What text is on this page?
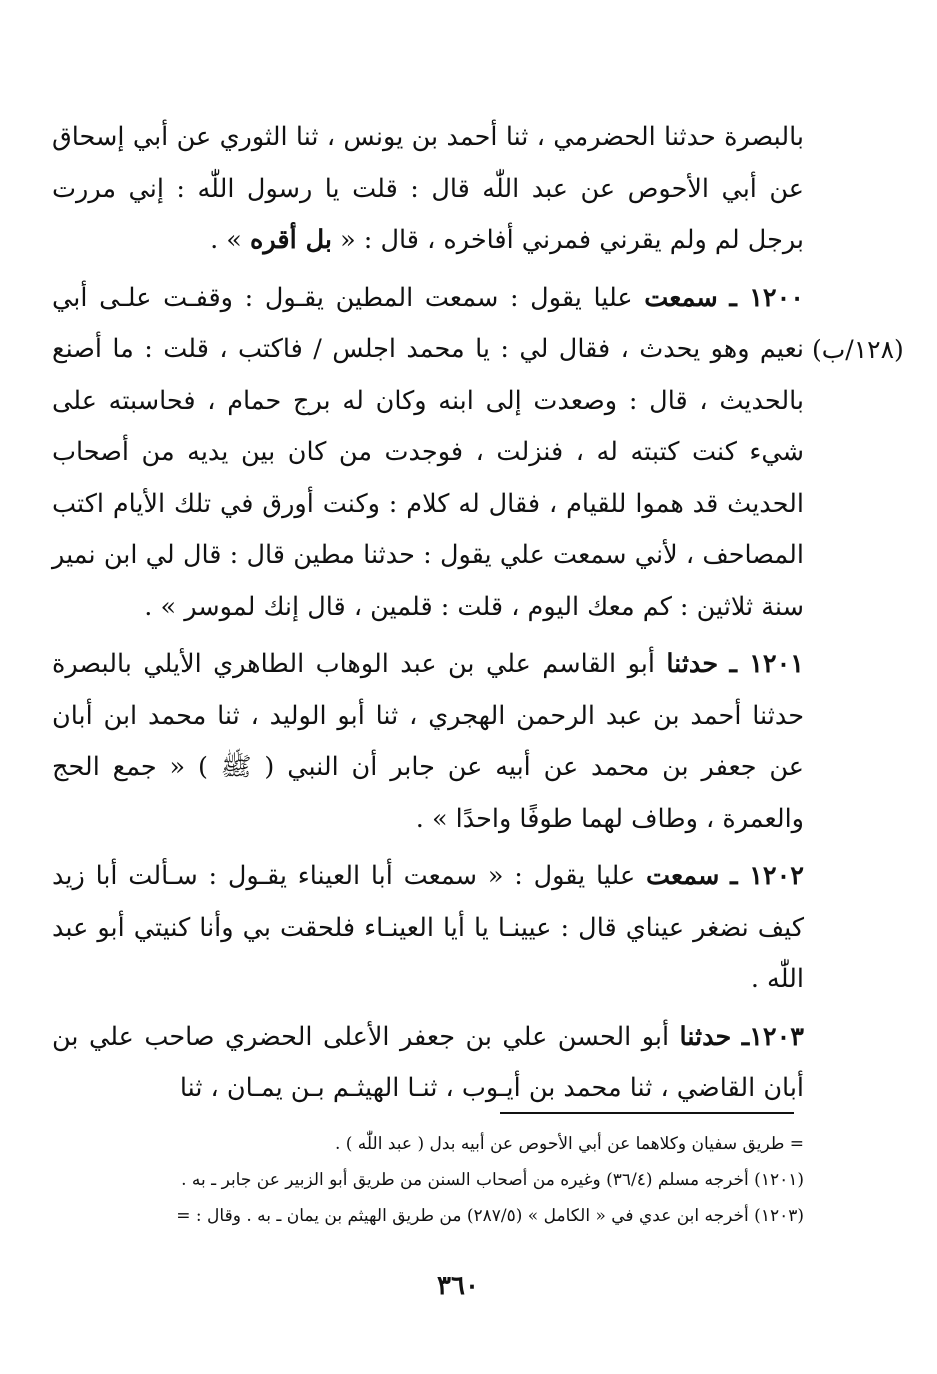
(١٢٨/ب)

بالبصرة حدثنا الحضرمي ، ثنا أحمد بن يونس ، ثنا الثوري عن أبي إسحاق عن أبي الأحوص عن عبد اللّٰه قال : قلت يا رسول اللّٰه : إني مررت برجل لم ولم يقرني فمرني أفاخره ، قال : « بل أقره » .

١٢٠٠ ـ سمعت عليا يقول : سمعت المطين يقـول : وقفـت علـى أبي نعيم وهو يحدث ، فقال لي : يا محمد اجلس / فاكتب ، قلت : ما أصنع بالحديث ، قال : وصعدت إلى ابنه وكان له برج حمام ، فحاسبته على شيء كنت كتبته له ، فنزلت ، فوجدت من كان بين يديه من أصحاب الحديث قد هموا للقيام ، فقال له كلام : وكنت أورق في تلك الأيام اكتب المصاحف ، لأني سمعت علي يقول : حدثنا مطين قال : قال لي ابن نمير سنة ثلاثين : كم معك اليوم ، قلت : قلمين ، قال إنك لموسر » .

١٢٠١ ـ حدثنا أبو القاسم علي بن عبد الوهاب الطاهري الأيلي بالبصرة حدثنا أحمد بن عبد الرحمن الهجري ، ثنا أبو الوليد ، ثنا محمد ابن أبان عن جعفر بن محمد عن أبيه عن جابر أن النبي ( ﷺ ) « جمع الحج والعمرة ، وطاف لهما طوفًا واحدًا » .

١٢٠٢ ـ سمعت عليا يقول : « سمعت أبا العيناء يقـول : سـألت أبا زيد كيف نضغر عيناي قال : عيينـا يا أيا العينـاء فلحقت بي وأنا كنيتي أبو عبد اللّٰه .

١٢٠٣ـ حدثنا أبو الحسن علي بن جعفر الأعلى الحضري صاحب علي بن أبان القاضي ، ثنا محمد بن أيـوب ، ثنـا الهيثـم بـن يمـان ، ثنا

= طريق سفيان وكلاهما عن أبي الأحوص عن أبيه بدل ( عبد اللّٰه ) .

(١٢٠١) أخرجه مسلم (٣٦/٤) وغيره من أصحاب السنن من طريق أبو الزبير عن جابر ـ به .

(١٢٠٣) أخرجه ابن عدي في « الكامل » (٢٨٧/٥) من طريق الهيثم بن يمان ـ به . وقال : =

٣٦٠
